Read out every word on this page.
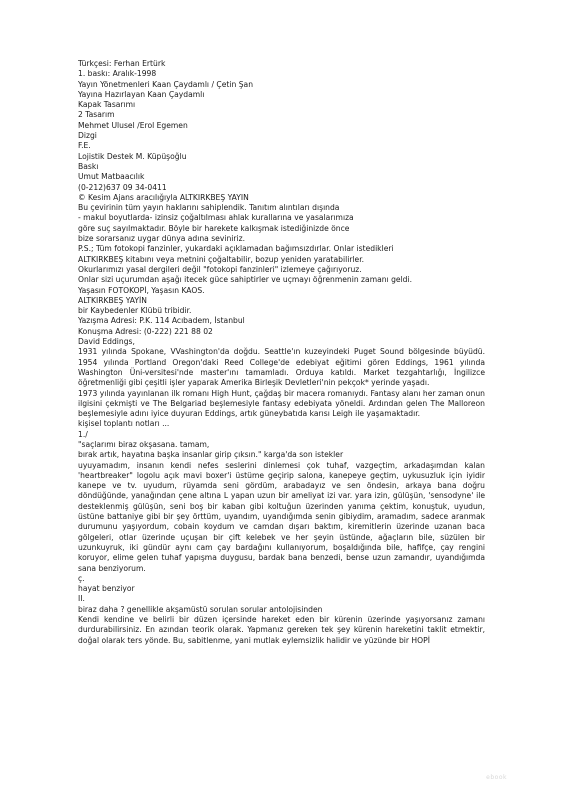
Türkçesi: Ferhan Ertürk
1. baskı: Aralık-1998
Yayın Yönetmenleri Kaan Çaydamlı / Çetin Şan
Yayına Hazırlayan Kaan Çaydamlı
Kapak Tasarımı
2 Tasarım
Mehmet Ulusel /Erol Egemen
Dizgi
F.E.
Lojistik Destek M. Küpüşoğlu
Baskı
Umut Matbaacılık
(0-212)637 09 34-0411
© Kesim Ajans aracılığıyla ALTKIRKBEŞ YAYIN
Bu çevirinin tüm yayın haklarını sahiplendik. Tanıtım alıntıları dışında
- makul boyutlarda- izinsiz çoğaltılması ahlak kurallarına ve yasalarımıza
göre suç sayılmaktadır. Böyle bir harekete kalkışmak istediğinizde önce
bize sorarsanız uygar dünya adına seviniriz.
P.S.; Tüm fotokopi fanzinler, yukardaki açıklamadan bağımsızdırlar. Onlar istedikleri
ALTKIRKBEŞ kitabını veya metnini çoğaltabilir, bozup yeniden yaratabilirler.
Okurlarımızı yasal dergileri değil "fotokopi fanzinleri" izlemeye çağırıyoruz.
Onlar sizi uçurumdan aşağı itecek güce sahiptirler ve uçmayı öğrenmenin zamanı geldi.
Yaşasın FOTOKOPİ, Yaşasın KAOS.
ALTKIRKBEŞ YAYİN
bir Kaybedenler Klübü tribidir.
Yazışma Adresi: P.K. 114 Acıbadem, İstanbul
Konuşma Adresi: (0-222) 221 88 02
David Eddings,
1931 yılında Spokane, VVashington'da doğdu. Seattle'ın kuzeyindeki Puget Sound bölgesinde büyüdü. 1954 yılında Portland Oregon'daki Reed College'de edebiyat eğitimi gören Eddings, 1961 yılında Washington Üni-versitesi'nde master'ını tamamladı. Orduya katıldı. Market tezgahtarlığı, İngilizce öğretmenliği gibi çeşitli işler yaparak Amerika Birleşik Devletleri'nin pekçok* yerinde yaşadı.
1973 yılında yayınlanan ilk romanı High Hunt, çağdaş bir macera romanıydı. Fantasy alanı her zaman onun ilgisini çekmişti ve The Belgariad beşlemesiyle fantasy edebiyata yöneldi. Ardından gelen The Malloreon beşlemesiyle adını iyice duyuran Eddings, artık güneybatıda karısı Leigh ile yaşamaktadır.
kişisel toplantı notları ...
1./
"saçlarımı biraz okşasana. tamam,
bırak artık, hayatına başka insanlar girip çıksın." karga'da son istekler
uyuyamadım, insanın kendi nefes seslerini dinlemesi çok tuhaf, vazgeçtim, arkadaşımdan kalan 'heartbreaker" logolu açık mavi boxer'i üstüme geçirip salona, kanepeye geçtim, uykusuzluk için iyidir kanepe ve tv. uyudum, rüyamda seni gördüm, arabadayız ve sen öndesin, arkaya bana doğru döndüğünde, yanağından çene altına L yapan uzun bir ameliyat izi var. yara izin, gülüşün, 'sensodyne' ile desteklenmiş gülüşün, seni boş bir kaban gibi koltuğun üzerinden yanıma çektim, konuştuk, uyudun, üstüne battaniye gibi bir şey örttüm, uyandım, uyandığımda senin gibiydim, aramadım, sadece aranmak durumunu yaşıyordum, cobain koydum ve camdan dışarı baktım, kiremitlerin üzerinde uzanan baca gölgeleri, otlar üzerinde uçuşan bir çift kelebek ve her şeyin üstünde, ağaçların bile, süzülen bir uzunkuyruk, iki gündür aynı cam çay bardağını kullanıyorum, boşaldığında bile, hafifçe, çay rengini koruyor, elime gelen tuhaf yapışma duygusu, bardak bana benzedi, bense uzun zamandır, uyandığımda sana benziyorum.
ç.
hayat benziyor
II.
biraz daha ? genellikle akşamüstü sorulan sorular antolojisinden
Kendi kendine ve belirli bir düzen içersinde hareket eden bir kürenin üzerinde yaşıyorsanız zamanı durdurabilirsiniz. En azından teorik olarak. Yapmanız gereken tek şey kürenin hareketini taklit etmektir, doğal olarak ters yönde. Bu, sabitlenme, yani mutlak eylemsizlik halidir ve yüzünde bir HOPİ
ebook
